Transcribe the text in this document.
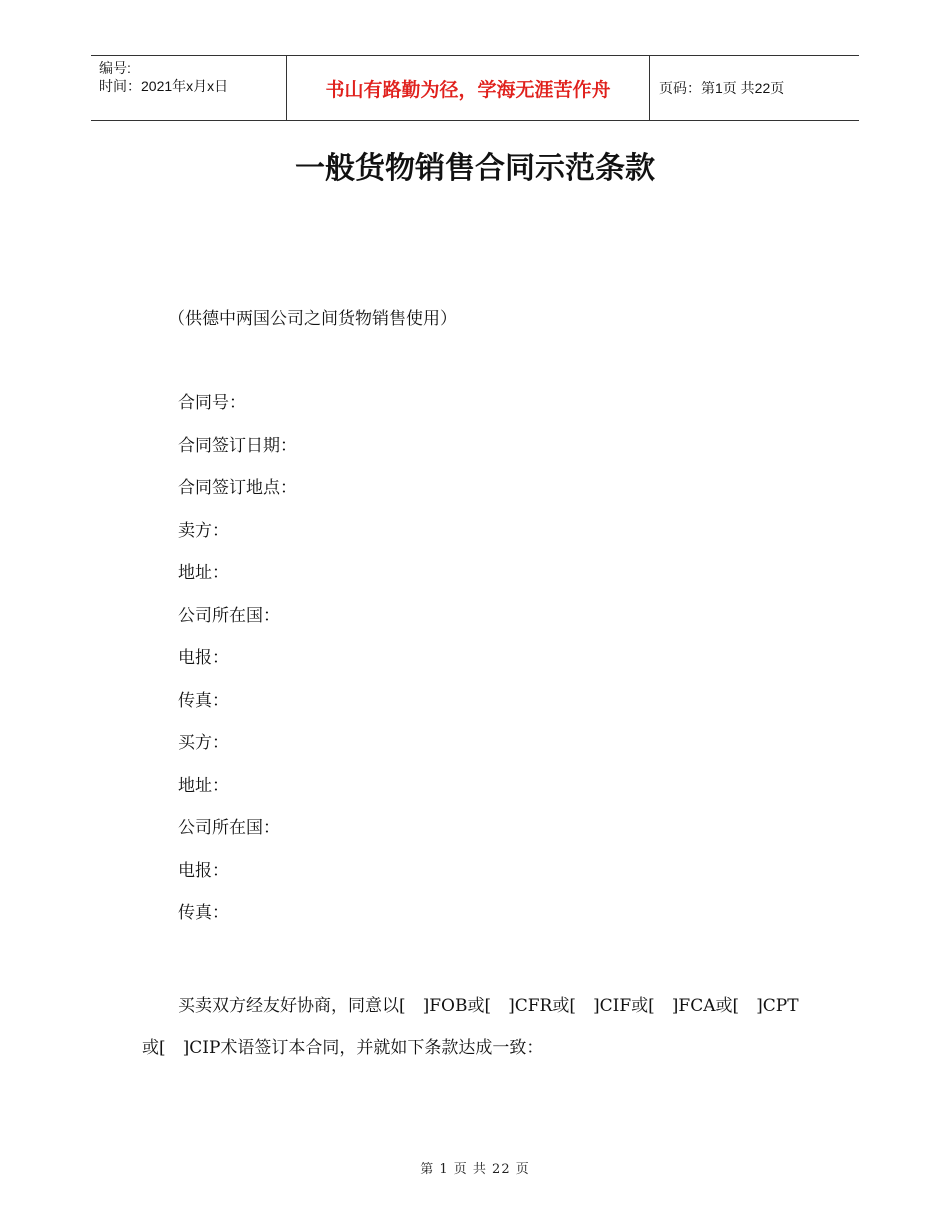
编号:
时间：2021年x月x日	书山有路勤为径，学海无涯苦作舟	页码：第1页 共22页
一般货物销售合同示范条款
（供德中两国公司之间货物销售使用）
合同号：
合同签订日期：
合同签订地点：
卖方：
地址：
公司所在国：
电报：
传真：
买方：
地址：
公司所在国：
电报：
传真：
买卖双方经友好协商，同意以[　]FOB或[　]CFR或[　]CIF或[　]FCA或[　]CPT或[　]CIP术语签订本合同，并就如下条款达成一致：
第 1 页 共 22 页
